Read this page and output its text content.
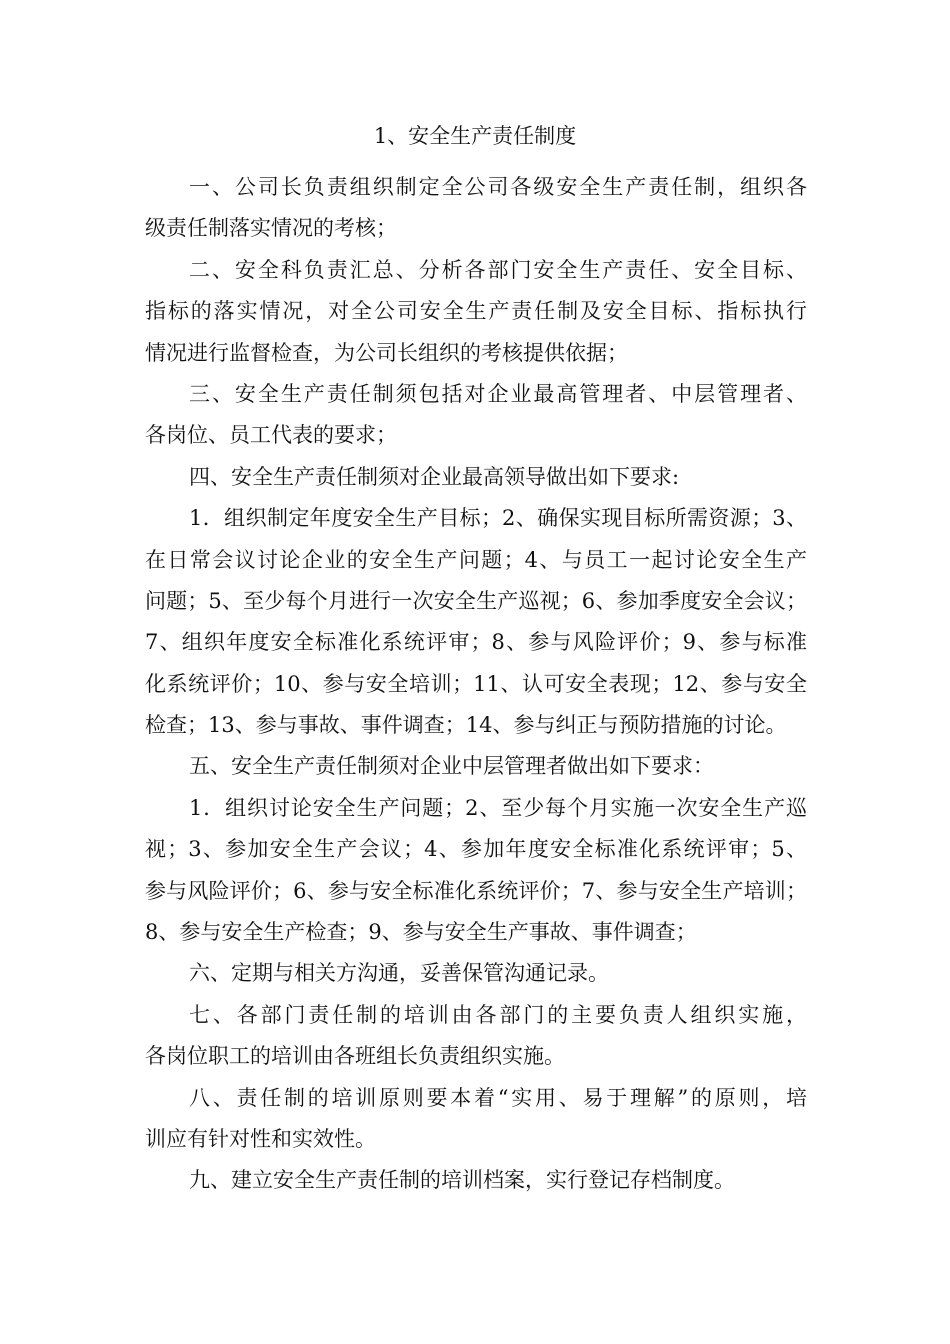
1、安全生产责任制度
一、公司长负责组织制定全公司各级安全生产责任制，组织各
级责任制落实情况的考核；
二、安全科负责汇总、分析各部门安全生产责任、安全目标、
指标的落实情况，对全公司安全生产责任制及安全目标、指标执行
情况进行监督检查，为公司长组织的考核提供依据；
三、安全生产责任制须包括对企业最高管理者、中层管理者、
各岗位、员工代表的要求；
四、安全生产责任制须对企业最高领导做出如下要求:
1．组织制定年度安全生产目标；2、确保实现目标所需资源；3、
在日常会议讨论企业的安全生产问题；4、与员工一起讨论安全生产
问题；5、至少每个月进行一次安全生产巡视；6、参加季度安全会议；
7、组织年度安全标准化系统评审；8、参与风险评价；9、参与标准
化系统评价；10、参与安全培训；11、认可安全表现；12、参与安全
检查；13、参与事故、事件调查；14、参与纠正与预防措施的讨论。
五、安全生产责任制须对企业中层管理者做出如下要求：
1．组织讨论安全生产问题；2、至少每个月实施一次安全生产巡
视；3、参加安全生产会议；4、参加年度安全标准化系统评审；5、
参与风险评价；6、参与安全标准化系统评价；7、参与安全生产培训；
8、参与安全生产检查；9、参与安全生产事故、事件调查；
六、定期与相关方沟通，妥善保管沟通记录。
七、各部门责任制的培训由各部门的主要负责人组织实施，
各岗位职工的培训由各班组长负责组织实施。
八、责任制的培训原则要本着“实用、易于理解”的原则，培
训应有针对性和实效性。
九、建立安全生产责任制的培训档案，实行登记存档制度。
